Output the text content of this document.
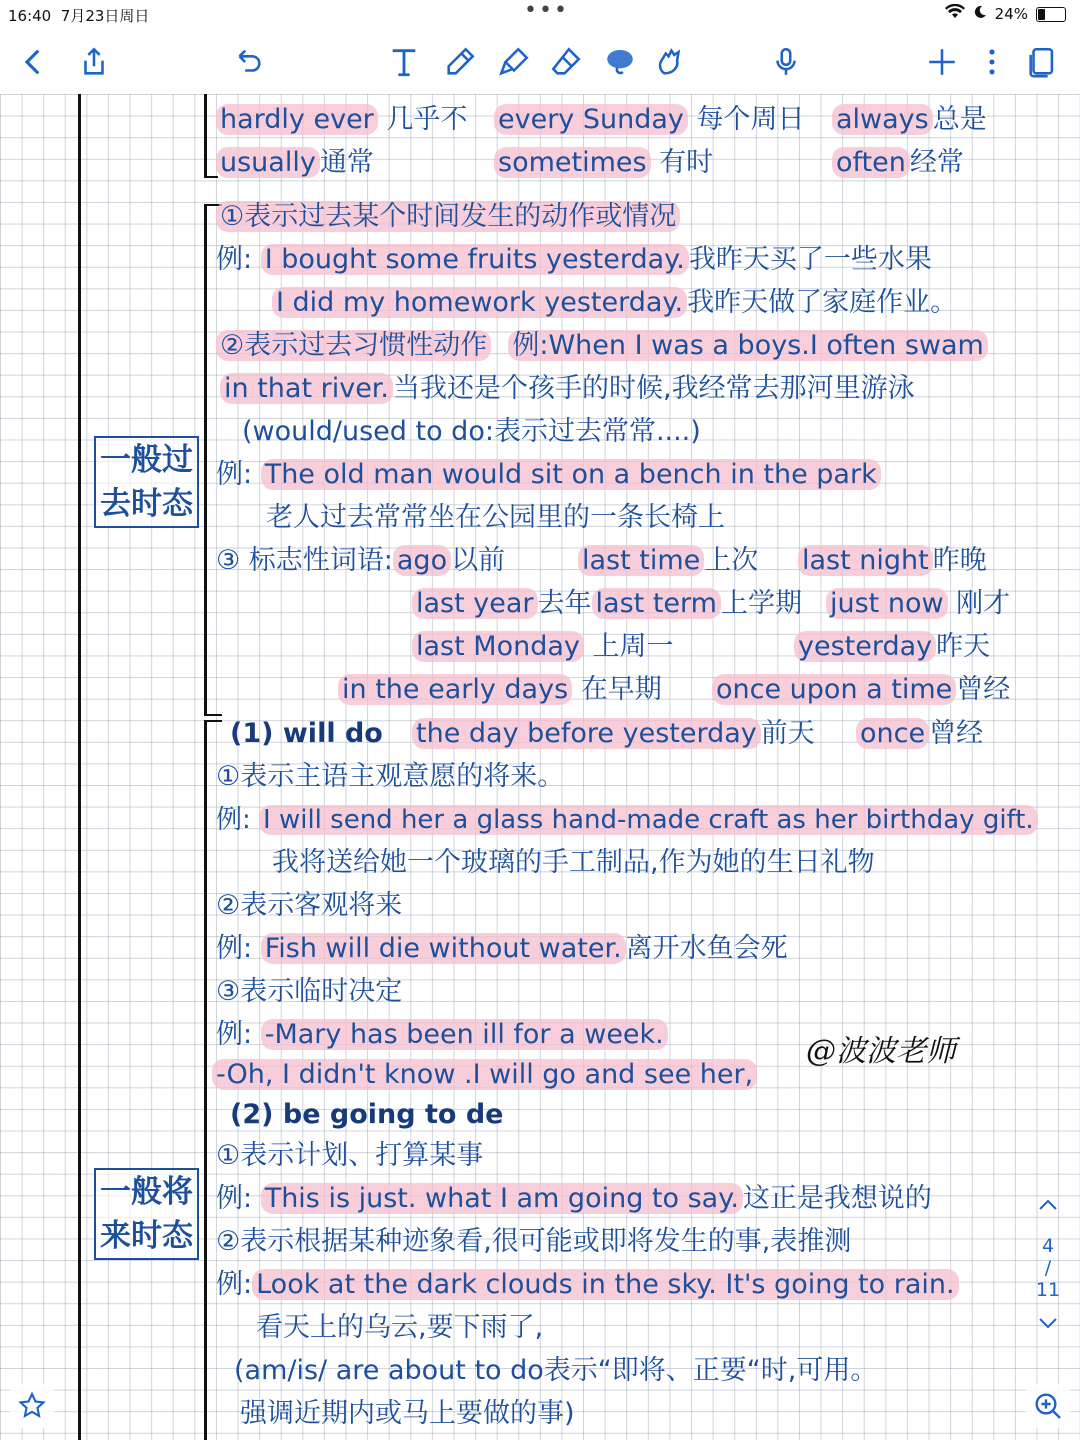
16:40 7月23日周日	•••	24%
一般过
去时态
一般将
来时态
hardly ever 几乎不 every Sunday 每个周日 always 总是
usually 通常	sometimes 有时	often 经常
①表示过去某个时间发生的动作或情况
例: I bought some fruits yesterday. 我昨天买了一些水果
I did my homework yesterday. 我昨天做了家庭作业。
②表示过去习惯性动作 例:When I was a boys.I often swam
in that river. 当我还是个孩手的时候,我经常去那河里游泳
(would/used to do:表示过去常常....)
例: The old man would sit on a bench in the park
老人过去常常坐在公园里的一条长椅上
③ 标志性词语: ago 以前	last time 上次 last night 昨晚
last year 去年 last term 上学期 just now 刚才
last Monday 上周一	yesterday 昨天
in the early days 在早期 once upon a time 曾经
(1) will do the day before yesterday 前天 once 曾经
①表示主语主观意愿的将来。
例: I will send her a glass hand-made craft as her birthday gift.
我将送给她一个玻璃的手工制品,作为她的生日礼物
②表示客观将来
例: Fish will die without water. 离开水鱼会死
③表示临时决定
例: -Mary has been ill for a week.
-Oh, I didn't know .I will go and see her,
(2) be going to de
①表示计划、打算某事
例: This is just. what I am going to say. 这正是我想说的
②表示根据某种迹象看,很可能或即将发生的事,表推测
例: Look at the dark clouds in the sky. It's going to rain.
看天上的乌云,要下雨了,
(am/is/ are about to do表示“即将、正要“时,可用。
强调近期内或马上要做的事)
@波波老师
4
/
11
